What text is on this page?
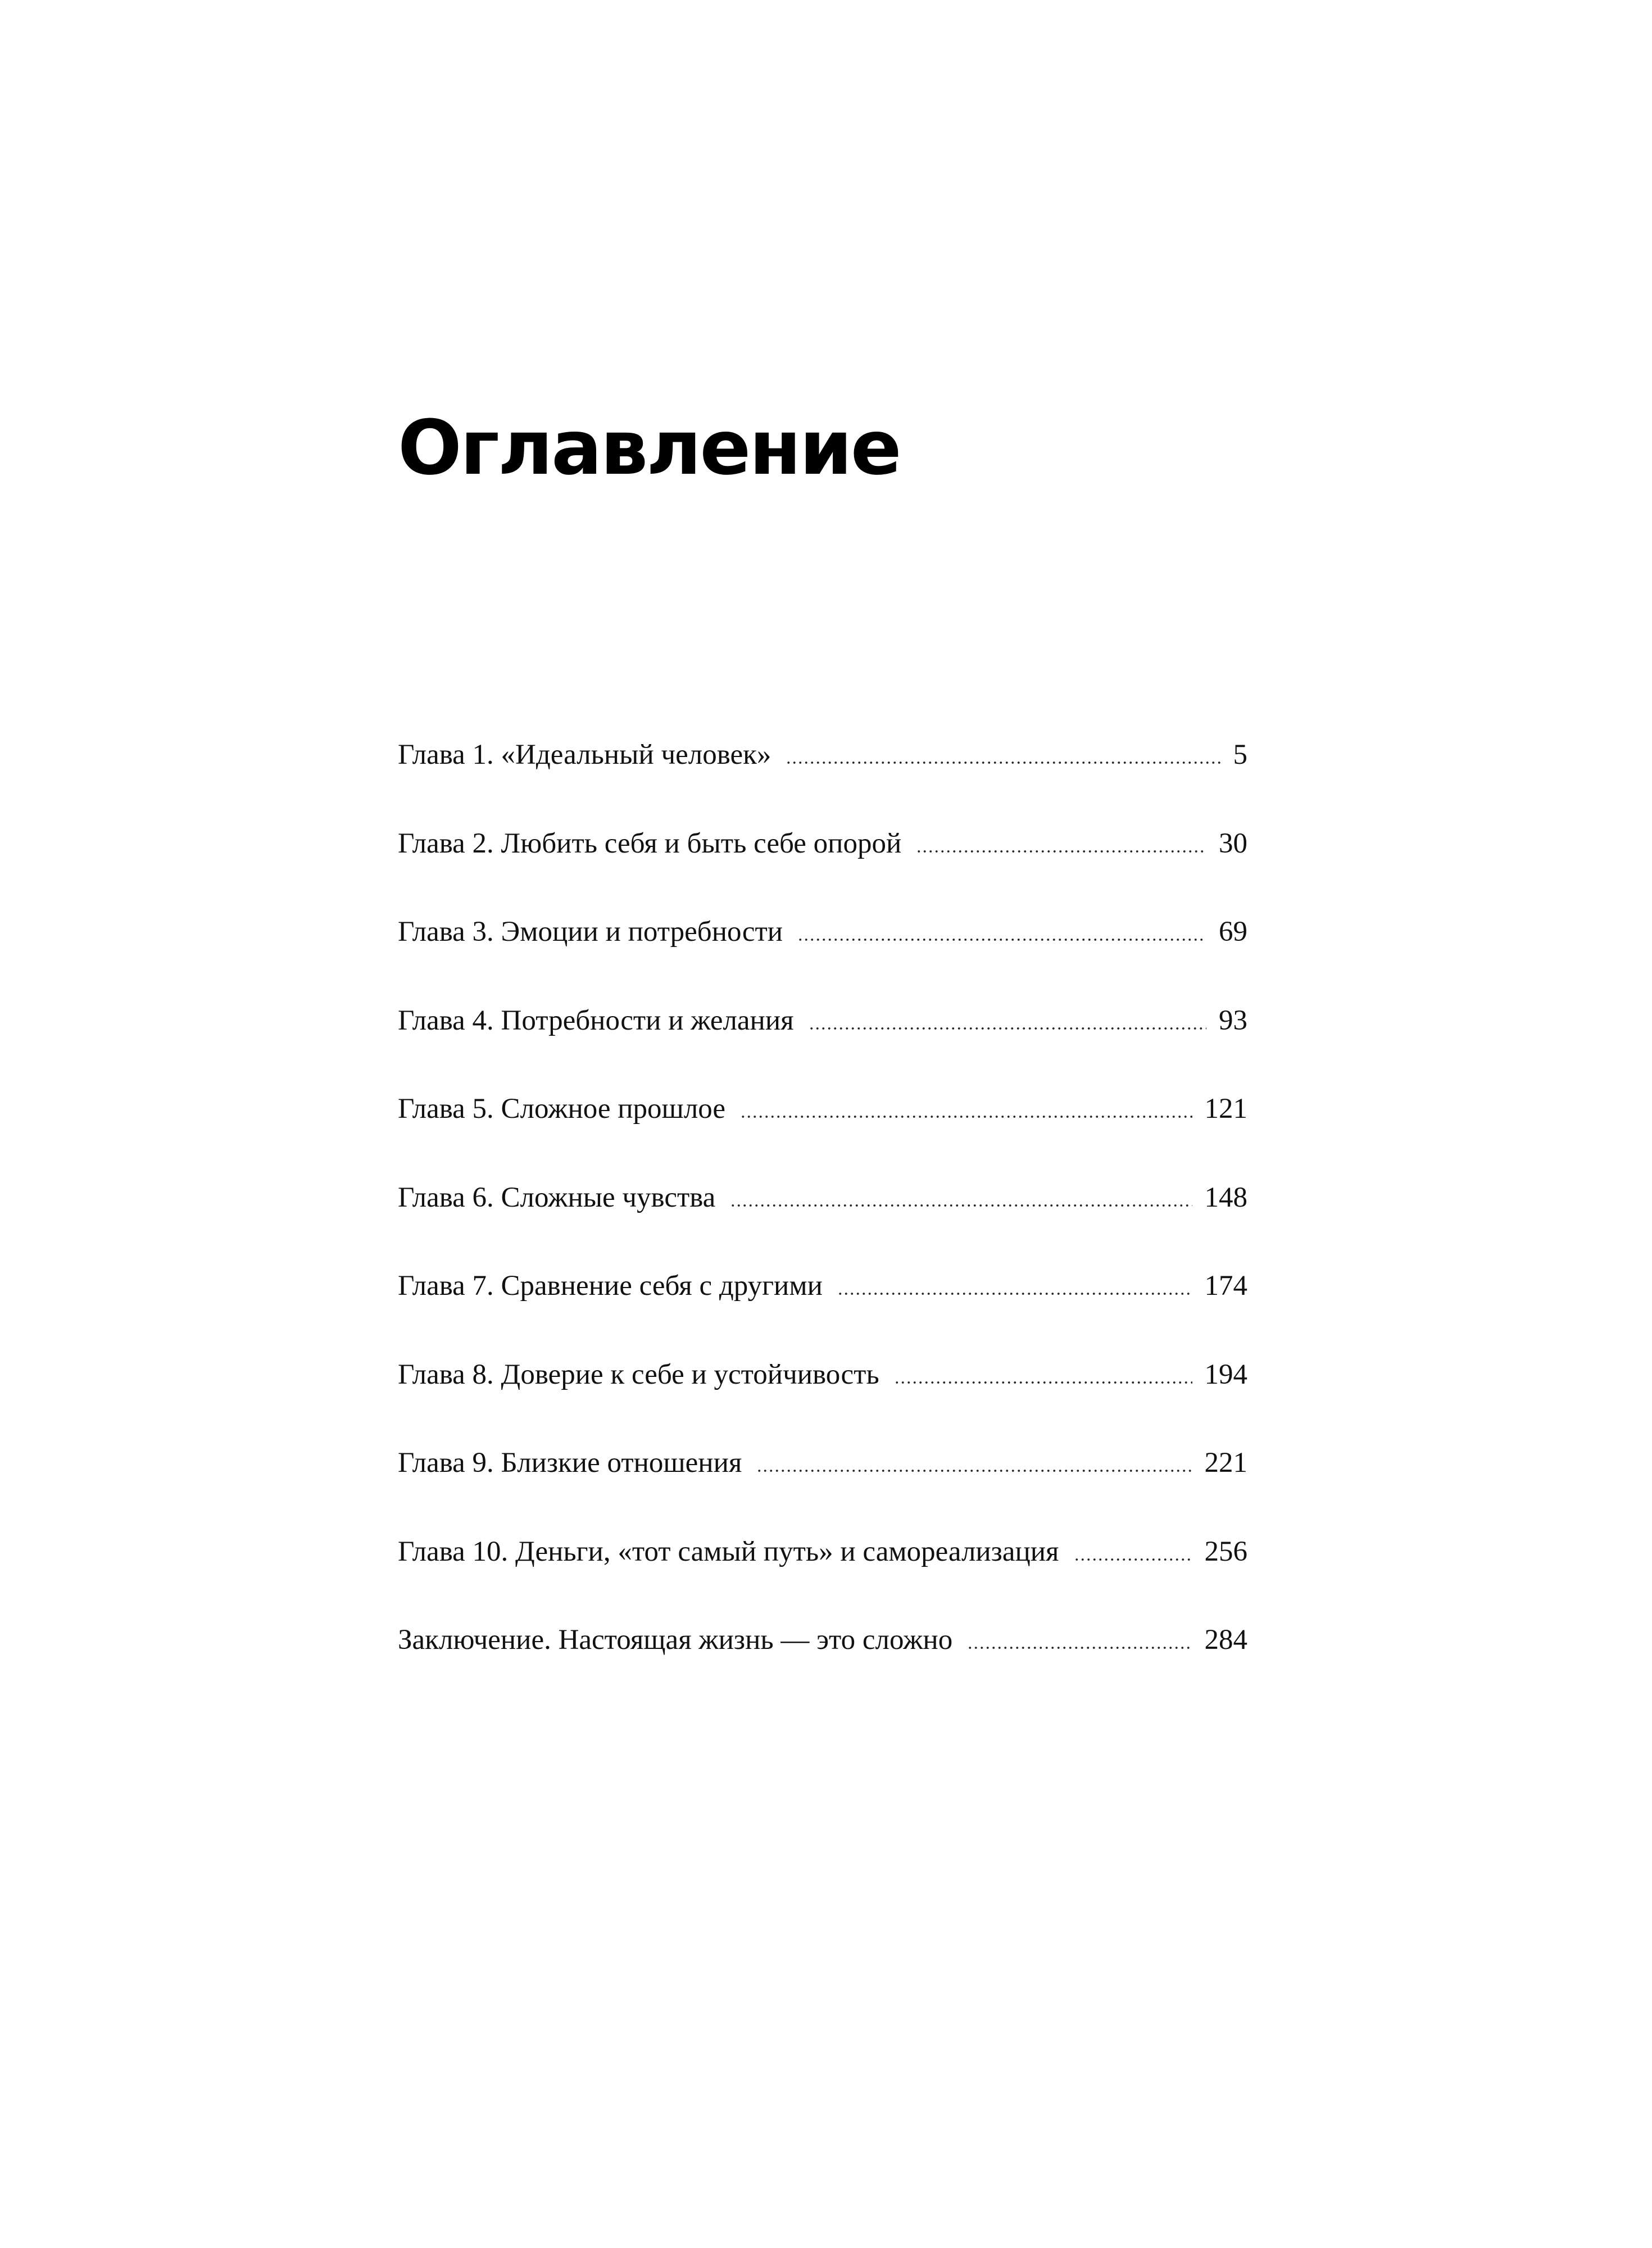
Оглавление
Глава 1. «Идеальный человек»	5
Глава 2. Любить себя и быть себе опорой	30
Глава 3. Эмоции и потребности	69
Глава 4. Потребности и желания	93
Глава 5. Сложное прошлое	121
Глава 6. Сложные чувства	148
Глава 7. Сравнение себя с другими	174
Глава 8. Доверие к себе и устойчивость	194
Глава 9. Близкие отношения	221
Глава 10. Деньги, «тот самый путь» и самореализация	256
Заключение. Настоящая жизнь — это сложно	284
